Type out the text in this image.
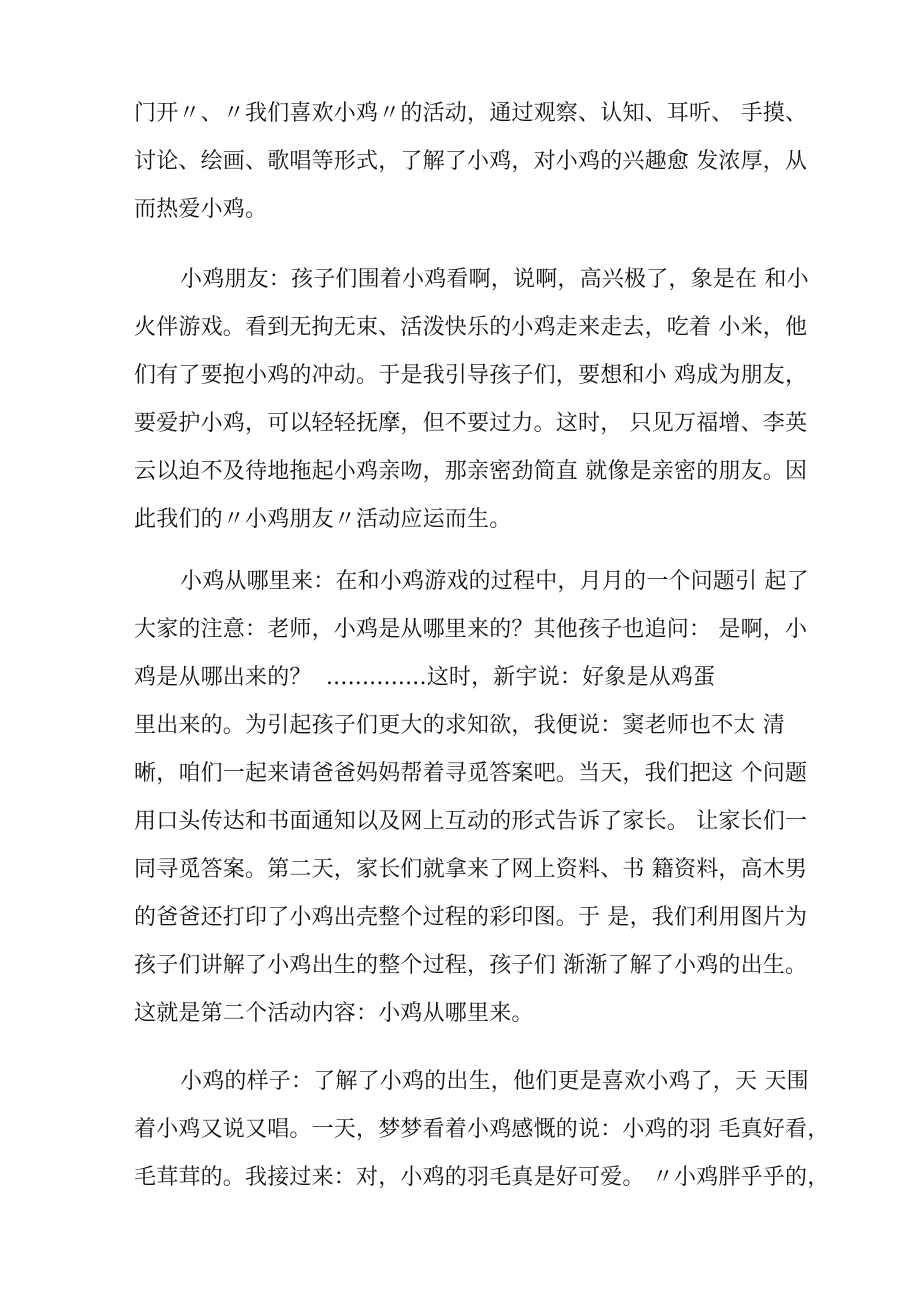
门开〃、〃我们喜欢小鸡〃的活动，通过观察、认知、耳听、 手摸、
讨论、绘画、歌唱等形式，了解了小鸡，对小鸡的兴趣愈 发浓厚，从
而热爱小鸡。
小鸡朋友：孩子们围着小鸡看啊，说啊，高兴极了，象是在 和小
火伴游戏。看到无拘无束、活泼快乐的小鸡走来走去，吃着 小米，他
们有了要抱小鸡的冲动。于是我引导孩子们，要想和小 鸡成为朋友，
要爱护小鸡，可以轻轻抚摩，但不要过力。这时， 只见万福增、李英
云以迫不及待地拖起小鸡亲吻，那亲密劲简直 就像是亲密的朋友。因
此我们的〃小鸡朋友〃活动应运而生。
小鸡从哪里来：在和小鸡游戏的过程中，月月的一个问题引 起了
大家的注意：老师，小鸡是从哪里来的？其他孩子也追问： 是啊，小
鸡是从哪出来的？  ..............这时，新宇说：好象是从鸡蛋
里出来的。为引起孩子们更大的求知欲，我便说：窦老师也不太 清
晰，咱们一起来请爸爸妈妈帮着寻觅答案吧。当天，我们把这 个问题
用口头传达和书面通知以及网上互动的形式告诉了家长。 让家长们一
同寻觅答案。第二天，家长们就拿来了网上资料、书 籍资料，高木男
的爸爸还打印了小鸡出壳整个过程的彩印图。于 是，我们利用图片为
孩子们讲解了小鸡出生的整个过程，孩子们 渐渐了解了小鸡的出生。
这就是第二个活动内容：小鸡从哪里来。
小鸡的样子：了解了小鸡的出生，他们更是喜欢小鸡了，天 天围
着小鸡又说又唱。一天，梦梦看着小鸡感慨的说：小鸡的羽 毛真好看，
毛茸茸的。我接过来：对，小鸡的羽毛真是好可爱。 〃小鸡胖乎乎的，
